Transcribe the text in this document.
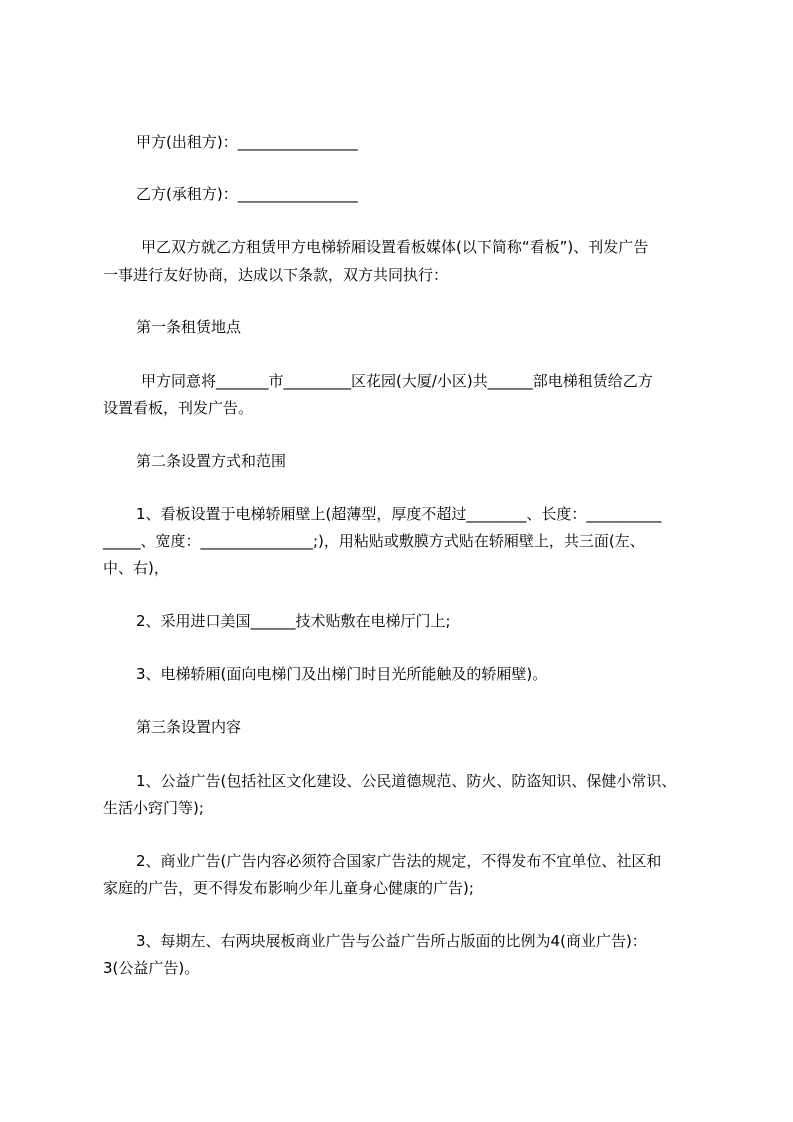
甲方(出租方)：________________
乙方(承租方)：________________
甲乙双方就乙方租赁甲方电梯轿厢设置看板媒体(以下简称“看板”)、刊发广告
一事进行友好协商，达成以下条款，双方共同执行：
第一条租赁地点
甲方同意将_______市_________区花园(大厦/小区)共______部电梯租赁给乙方
设置看板，刊发广告。
第二条设置方式和范围
1、看板设置于电梯轿厢壁上(超薄型，厚度不超过________、长度：__________
_____、宽度：_______________;)，用粘贴或敷膜方式贴在轿厢壁上，共三面(左、
中、右)，
2、采用进口美国______技术贴敷在电梯厅门上;
3、电梯轿厢(面向电梯门及出梯门时目光所能触及的轿厢壁)。
第三条设置内容
1、公益广告(包括社区文化建设、公民道德规范、防火、防盗知识、保健小常识、
生活小窍门等);
2、商业广告(广告内容必须符合国家广告法的规定，不得发布不宜单位、社区和
家庭的广告，更不得发布影响少年儿童身心健康的广告);
3、每期左、右两块展板商业广告与公益广告所占版面的比例为4(商业广告)：
3(公益广告)。
